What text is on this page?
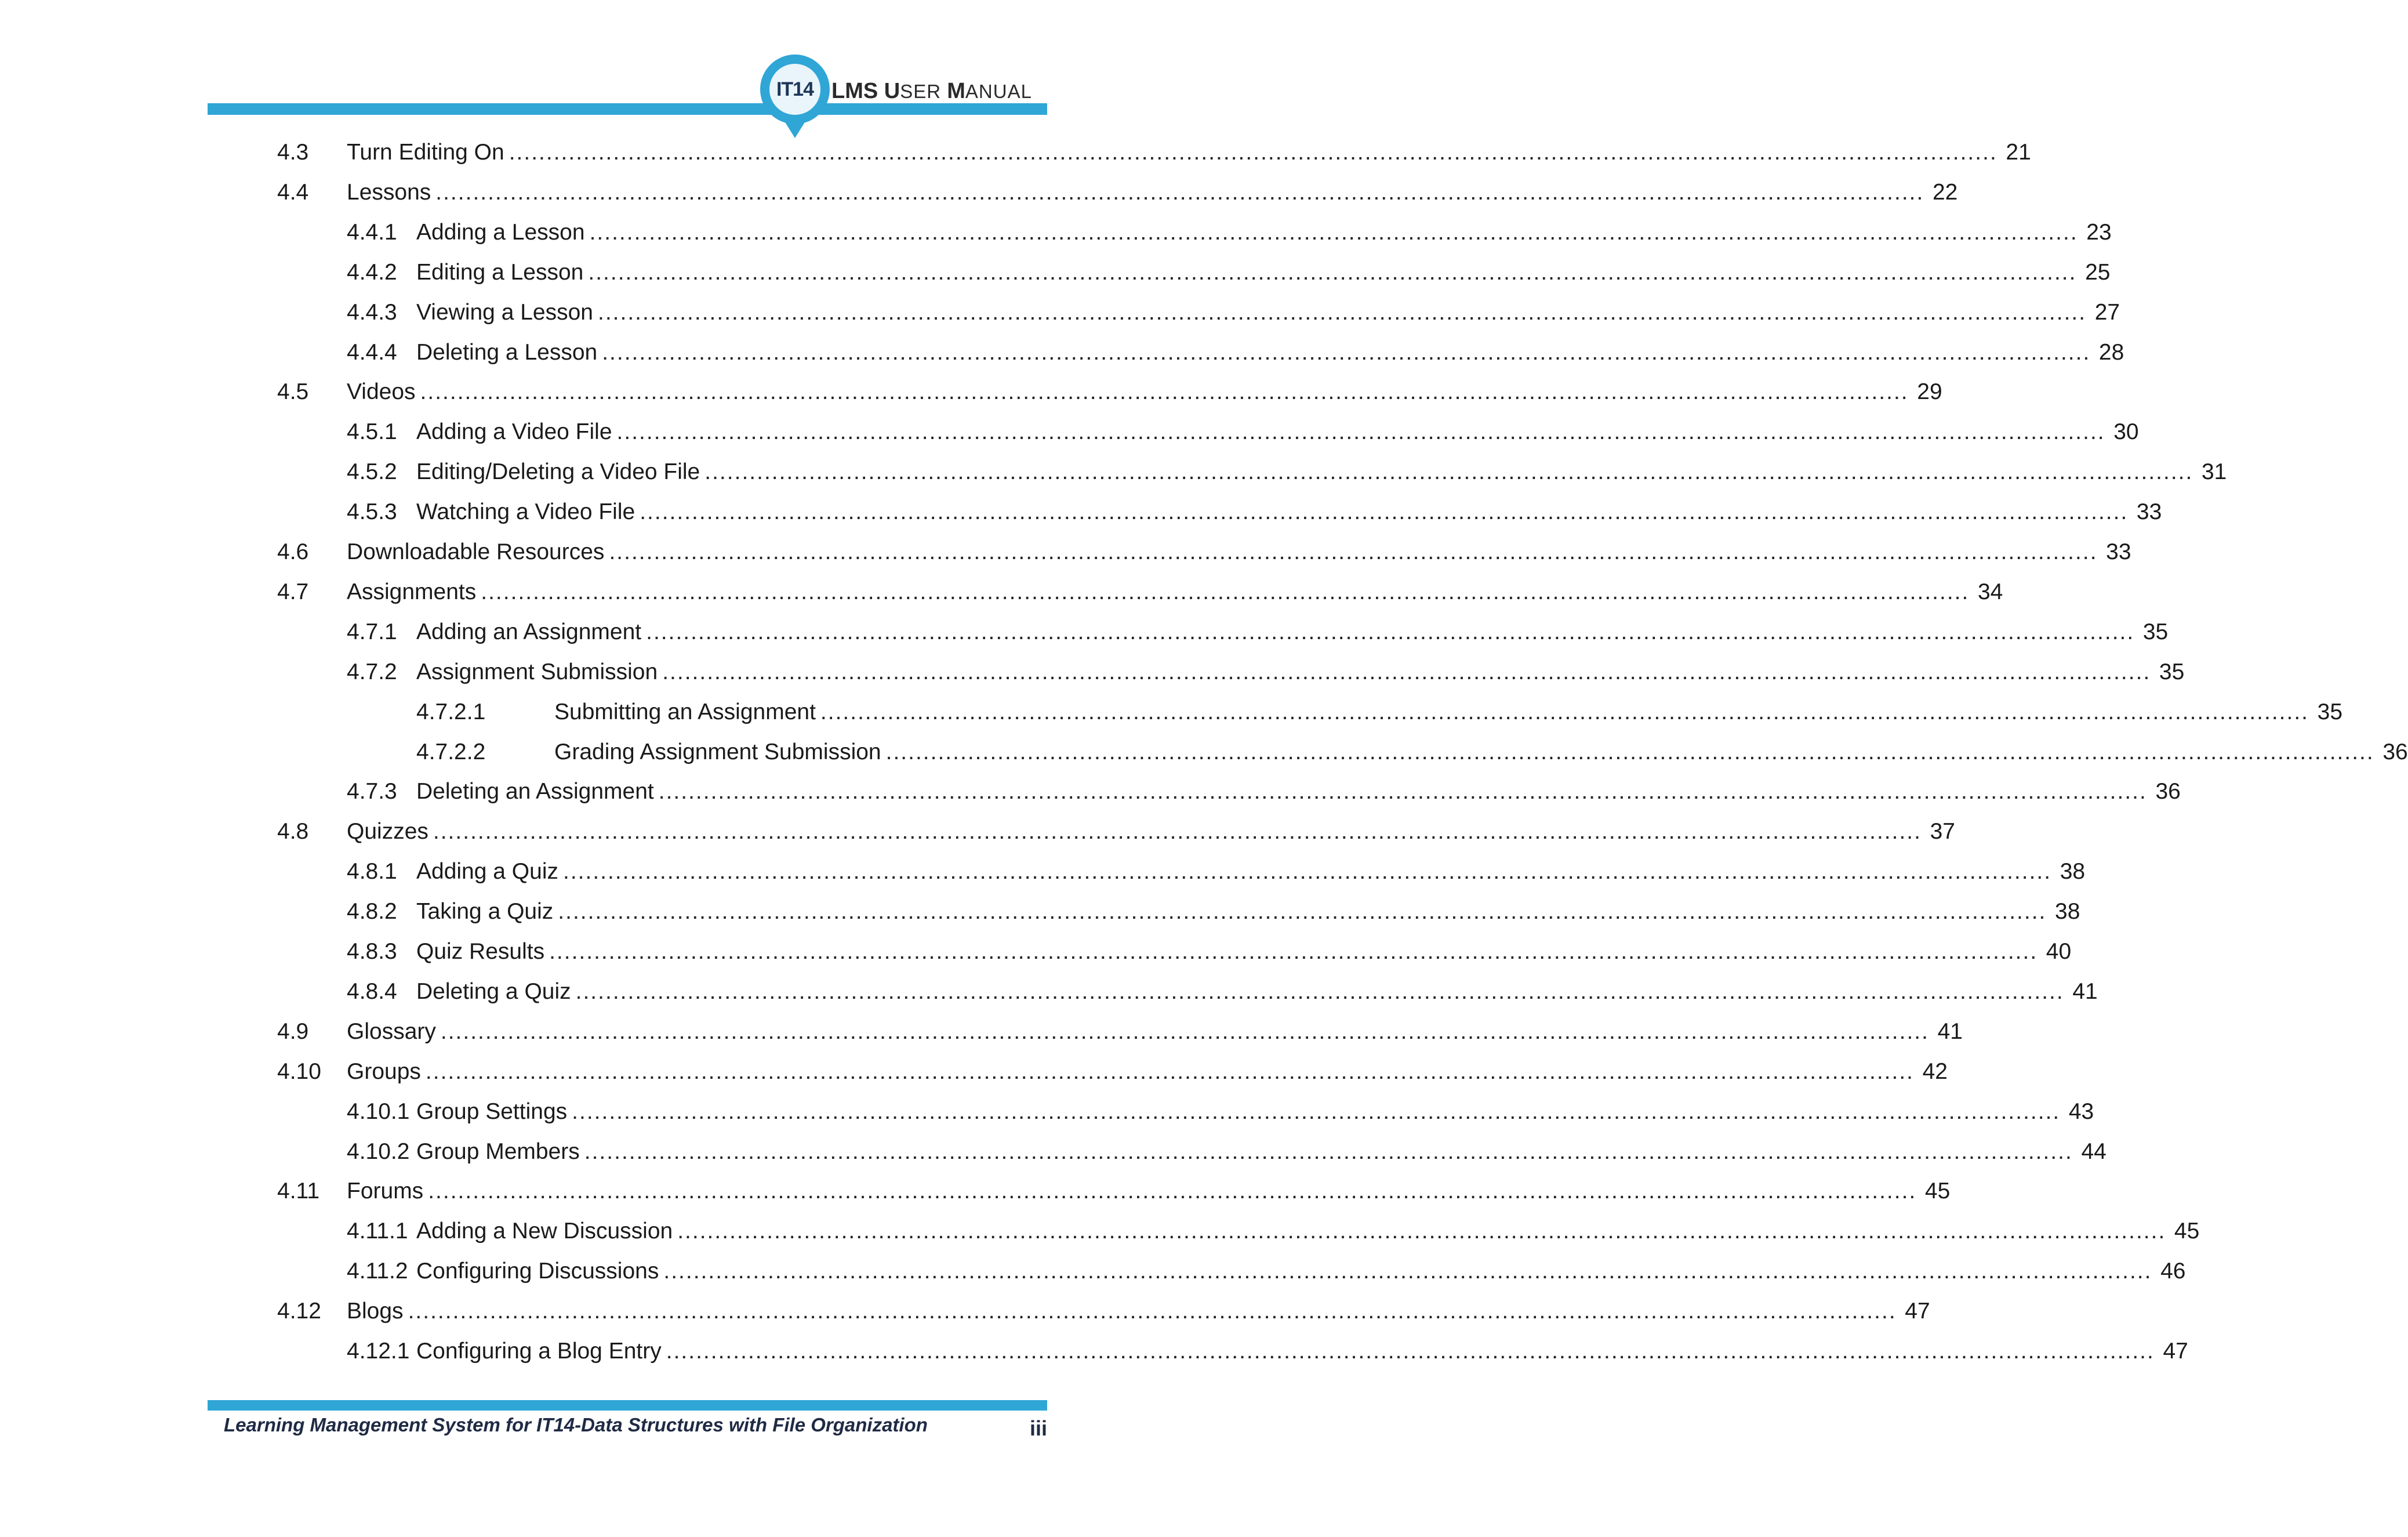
IT14 LMS USER MANUAL
4.3 Turn Editing On ........................................................................................................................................................................................................ 21
4.4 Lessons ........................................................................................................................................................................................................ 22
4.4.1 Adding a Lesson ........................................................................................................................................................................................................ 23
4.4.2 Editing a Lesson ........................................................................................................................................................................................................ 25
4.4.3 Viewing a Lesson ........................................................................................................................................................................................................ 27
4.4.4 Deleting a Lesson ........................................................................................................................................................................................................ 28
4.5 Videos ........................................................................................................................................................................................................ 29
4.5.1 Adding a Video File ........................................................................................................................................................................................................ 30
4.5.2 Editing/Deleting a Video File ........................................................................................................................................................................................................ 31
4.5.3 Watching a Video File ........................................................................................................................................................................................................ 33
4.6 Downloadable Resources ........................................................................................................................................................................................................ 33
4.7 Assignments ........................................................................................................................................................................................................ 34
4.7.1 Adding an Assignment ........................................................................................................................................................................................................ 35
4.7.2 Assignment Submission ........................................................................................................................................................................................................ 35
4.7.2.1	Submitting an Assignment ........................................................................................................................................................................................................ 35
4.7.2.2	Grading Assignment Submission ........................................................................................................................................................................................................ 36
4.7.3 Deleting an Assignment ........................................................................................................................................................................................................ 36
4.8 Quizzes ........................................................................................................................................................................................................ 37
4.8.1 Adding a Quiz ........................................................................................................................................................................................................ 38
4.8.2 Taking a Quiz ........................................................................................................................................................................................................ 38
4.8.3 Quiz Results ........................................................................................................................................................................................................ 40
4.8.4 Deleting a Quiz ........................................................................................................................................................................................................ 41
4.9 Glossary ........................................................................................................................................................................................................ 41
4.10 Groups ........................................................................................................................................................................................................ 42
4.10.1 Group Settings ........................................................................................................................................................................................................ 43
4.10.2 Group Members ........................................................................................................................................................................................................ 44
4.11 Forums ........................................................................................................................................................................................................ 45
4.11.1 Adding a New Discussion ........................................................................................................................................................................................................ 45
4.11.2 Configuring Discussions ........................................................................................................................................................................................................ 46
4.12 Blogs ........................................................................................................................................................................................................ 47
4.12.1 Configuring a Blog Entry ........................................................................................................................................................................................................ 47
Learning Management System for IT14-Data Structures with File Organization	iii
